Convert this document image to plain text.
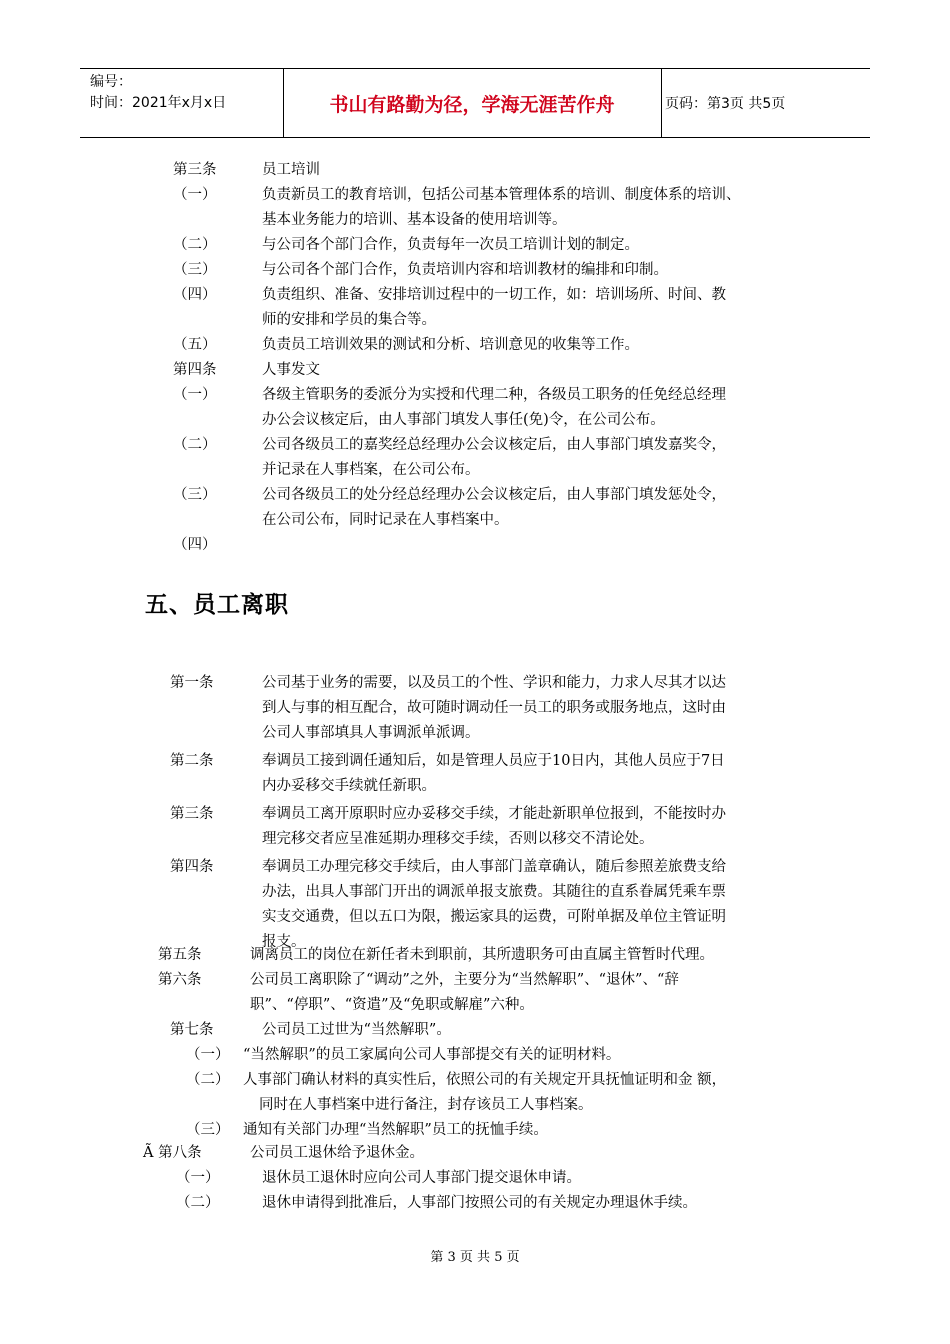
编号：
时间：2021年x月x日	书山有路勤为径，学海无涯苦作舟	页码：第3页 共5页
五、员工离职
第三条	员工培训
（一）	负责新员工的教育培训，包括公司基本管理体系的培训、制度体系的培训、
基本业务能力的培训、基本设备的使用培训等。
（二）	与公司各个部门合作，负责每年一次员工培训计划的制定。
（三）	与公司各个部门合作，负责培训内容和培训教材的编排和印制。
（四）	负责组织、准备、安排培训过程中的一切工作，如：培训场所、时间、教
师的安排和学员的集合等。
（五）	负责员工培训效果的测试和分析、培训意见的收集等工作。
第四条	人事发文
（一）	各级主管职务的委派分为实授和代理二种，各级员工职务的任免经总经理
办公会议核定后，由人事部门填发人事任(免)令，在公司公布。
（二）	公司各级员工的嘉奖经总经理办公会议核定后，由人事部门填发嘉奖令，
并记录在人事档案，在公司公布。
（三）	公司各级员工的处分经总经理办公会议核定后，由人事部门填发惩处令，
在公司公布，同时记录在人事档案中。
（四）
第一条	公司基于业务的需要，以及员工的个性、学识和能力，力求人尽其才以达
到人与事的相互配合，故可随时调动任一员工的职务或服务地点，这时由
公司人事部填具人事调派单派调。
第二条	奉调员工接到调任通知后，如是管理人员应于10日内，其他人员应于7日
内办妥移交手续就任新职。
第三条	奉调员工离开原职时应办妥移交手续，才能赴新职单位报到，不能按时办
理完移交者应呈准延期办理移交手续，否则以移交不清论处。
第四条	奉调员工办理完移交手续后，由人事部门盖章确认，随后参照差旅费支给
办法，出具人事部门开出的调派单报支旅费。其随往的直系眷属凭乘车票
实支交通费，但以五口为限，搬运家具的运费，可附单据及单位主管证明
报支。
第五条	调离员工的岗位在新任者未到职前，其所遗职务可由直属主管暂时代理。
第六条	公司员工离职除了“调动”之外，主要分为“当然解职”、“退休”、“辞
职”、“停职”、“资遣”及“免职或解雇”六种。
第七条	公司员工过世为“当然解职”。
（一） “当然解职”的员工家属向公司人事部提交有关的证明材料。
（二） 人事部门确认材料的真实性后，依照公司的有关规定开具抚恤证明和金 额，
同时在人事档案中进行备注，封存该员工人事档案。
（三） 通知有关部门办理“当然解职”员工的抚恤手续。
Ã 第八条	公司员工退休给予退休金。
（一）	退休员工退休时应向公司人事部门提交退休申请。
（二）	退休申请得到批准后，人事部门按照公司的有关规定办理退休手续。
第 3 页 共 5 页
